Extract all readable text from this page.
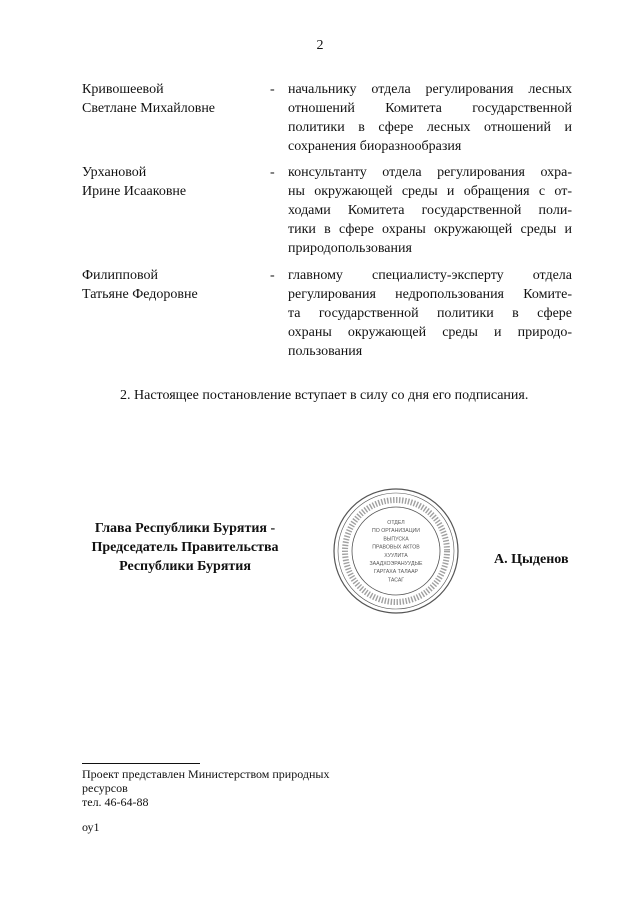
2
Кривошеевой
Светлане Михайловне
- начальнику отдела регулирования лесных
отношений Комитета государственной
политики в сфере лесных отношений и
сохранения биоразнообразия
Урхановой
Ирине Исааковне
- консультанту отдела регулирования охра-
ны окружающей среды и обращения с от-
ходами Комитета государственной поли-
тики в сфере охраны окружающей среды и
природопользования
Филипповой
Татьяне Федоровне
- главному специалисту-эксперту отдела
регулирования недропользования Комите-
та государственной политики в сфере
охраны окружающей среды и природо-
пользования
2. Настоящее постановление вступает в силу со дня его подписания.
Глава Республики Бурятия -
Председатель Правительства
Республики Бурятия
ОТДЕЛ
ПО ОРГАНИЗАЦИИ
ВЫПУСКА
ПРАВОВЫХ АКТОВ
ХУУЛИТА
ЗААДХОЭРАНУУДЫЕ
ГАРГАХА ТАЛААР
ТАСАГ
А. Цыденов
Проект представлен Министерством природных
ресурсов
тел. 46-64-88
оу1
